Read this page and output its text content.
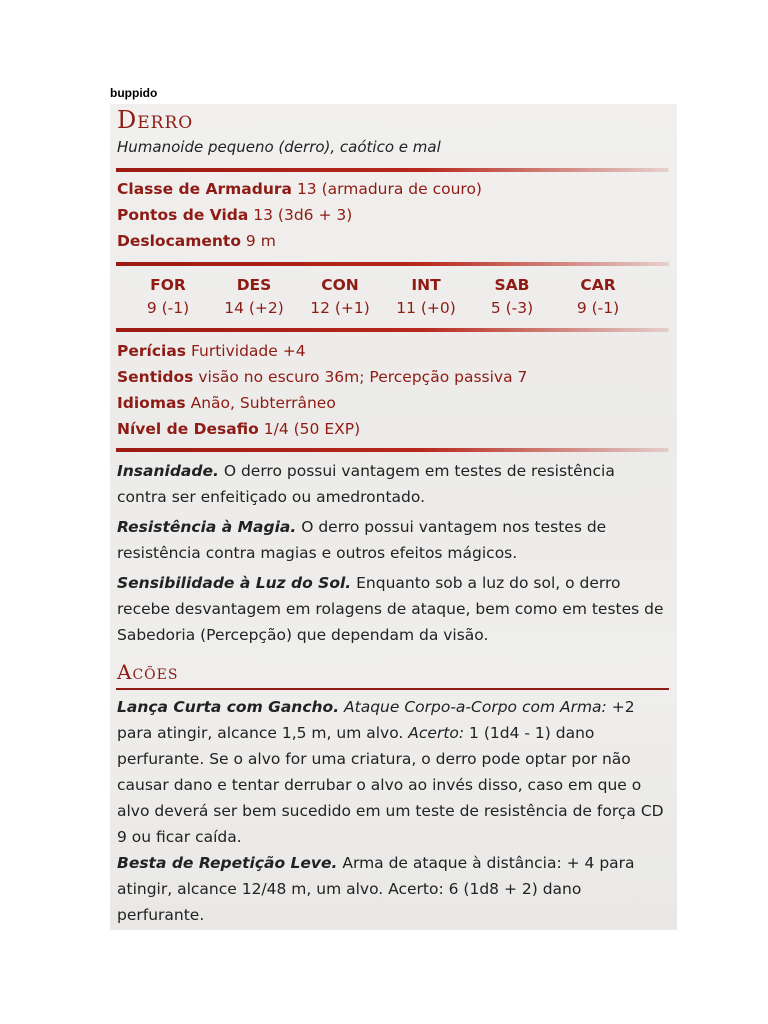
buppido
Derro
Humanoide pequeno (derro), caótico e mal
Classe de Armadura 13 (armadura de couro)
Pontos de Vida 13 (3d6 + 3)
Deslocamento 9 m
FOR
9 (-1)
DES
14 (+2)
CON
12 (+1)
INT
11 (+0)
SAB
5 (-3)
CAR
9 (-1)
Perícias Furtividade +4
Sentidos visão no escuro 36m; Percepção passiva 7
Idiomas Anão, Subterrâneo
Nível de Desafio 1/4 (50 EXP)
Insanidade. O derro possui vantagem em testes de resistência contra ser enfeitiçado ou amedrontado.
Resistência à Magia. O derro possui vantagem nos testes de resistência contra magias e outros efeitos mágicos.
Sensibilidade à Luz do Sol. Enquanto sob a luz do sol, o derro recebe desvantagem em rolagens de ataque, bem como em testes de Sabedoria (Percepção) que dependam da visão.
Acões
Lança Curta com Gancho. Ataque Corpo-a-Corpo com Arma: +2 para atingir, alcance 1,5 m, um alvo. Acerto: 1 (1d4 - 1) dano perfurante. Se o alvo for uma criatura, o derro pode optar por não causar dano e tentar derrubar o alvo ao invés disso, caso em que o alvo deverá ser bem sucedido em um teste de resistência de força CD 9 ou ficar caída.
Besta de Repetição Leve. Arma de ataque à distância: + 4 para atingir, alcance 12/48 m, um alvo. Acerto: 6 (1d8 + 2) dano perfurante.
